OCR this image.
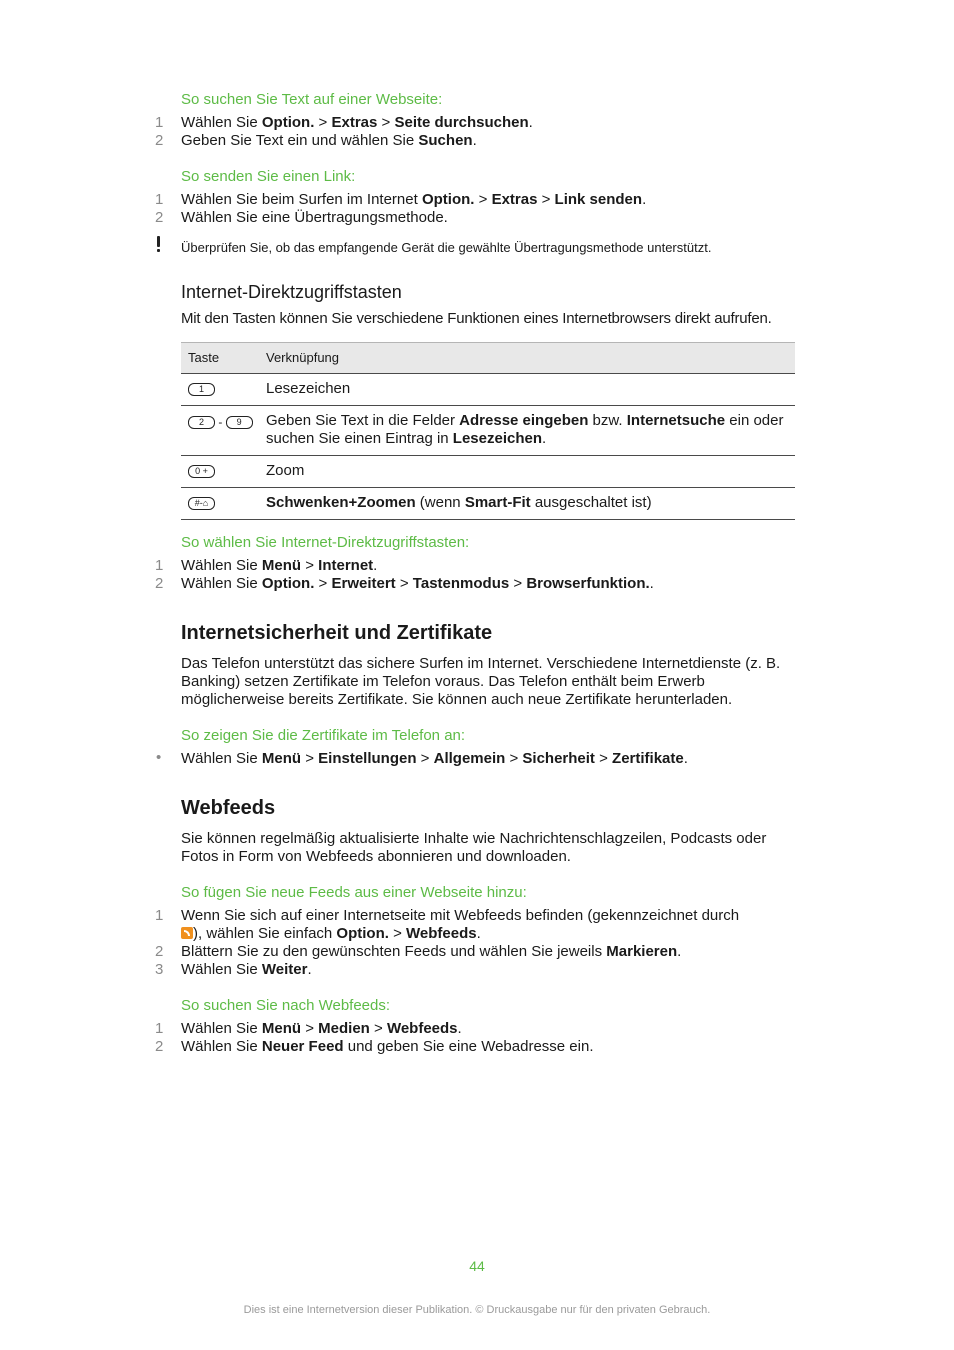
So suchen Sie Text auf einer Webseite:
1 Wählen Sie Option. > Extras > Seite durchsuchen.
2 Geben Sie Text ein und wählen Sie Suchen.
So senden Sie einen Link:
1 Wählen Sie beim Surfen im Internet Option. > Extras > Link senden.
2 Wählen Sie eine Übertragungsmethode.
Überprüfen Sie, ob das empfangende Gerät die gewählte Übertragungsmethode unterstützt.
Internet-Direktzugriffstasten
Mit den Tasten können Sie verschiedene Funktionen eines Internetbrowsers direkt aufrufen.
Taste	Verknüpfung
1	Lesezeichen
2 - 9	Geben Sie Text in die Felder Adresse eingeben bzw. Internetsuche ein oder
suchen Sie einen Eintrag in Lesezeichen.
0 +	Zoom
#-⌂	Schwenken+Zoomen (wenn Smart-Fit ausgeschaltet ist)
So wählen Sie Internet-Direktzugriffstasten:
1 Wählen Sie Menü > Internet.
2 Wählen Sie Option. > Erweitert > Tastenmodus > Browserfunktion..
Internetsicherheit und Zertifikate
Das Telefon unterstützt das sichere Surfen im Internet. Verschiedene Internetdienste (z. B.
Banking) setzen Zertifikate im Telefon voraus. Das Telefon enthält beim Erwerb
möglicherweise bereits Zertifikate. Sie können auch neue Zertifikate herunterladen.
So zeigen Sie die Zertifikate im Telefon an:
• Wählen Sie Menü > Einstellungen > Allgemein > Sicherheit > Zertifikate.
Webfeeds
Sie können regelmäßig aktualisierte Inhalte wie Nachrichtenschlagzeilen, Podcasts oder
Fotos in Form von Webfeeds abonnieren und downloaden.
So fügen Sie neue Feeds aus einer Webseite hinzu:
1 Wenn Sie sich auf einer Internetseite mit Webfeeds befinden (gekennzeichnet durch
), wählen Sie einfach Option. > Webfeeds.
2 Blättern Sie zu den gewünschten Feeds und wählen Sie jeweils Markieren.
3 Wählen Sie Weiter.
So suchen Sie nach Webfeeds:
1 Wählen Sie Menü > Medien > Webfeeds.
2 Wählen Sie Neuer Feed und geben Sie eine Webadresse ein.
44
Dies ist eine Internetversion dieser Publikation. © Druckausgabe nur für den privaten Gebrauch.
